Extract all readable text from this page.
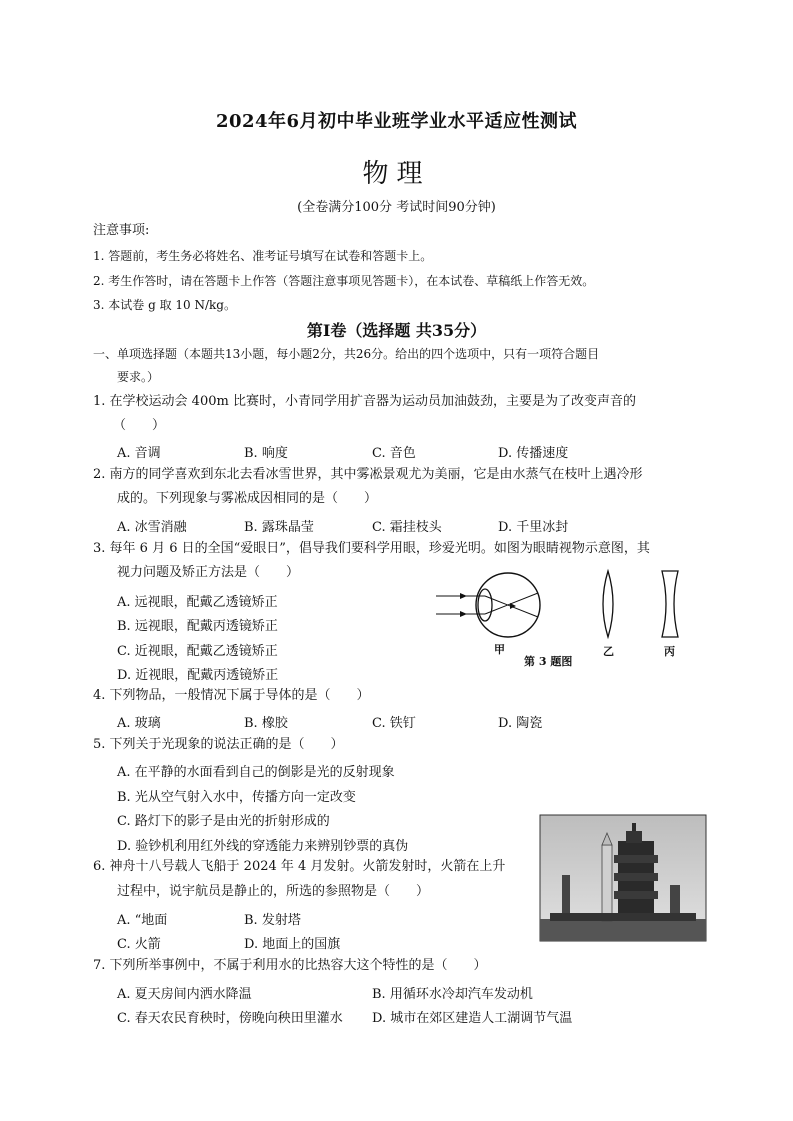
2024年6月初中毕业班学业水平适应性测试
物理
(全卷满分100分 考试时间90分钟)
注意事项:
1. 答题前，考生务必将姓名、准考证号填写在试卷和答题卡上。
2. 考生作答时，请在答题卡上作答（答题注意事项见答题卡），在本试卷、草稿纸上作答无效。
3. 本试卷 g 取 10 N/kg。
第Ⅰ卷（选择题 共35分）
一、单项选择题（本题共13小题，每小题2分，共26分。给出的四个选项中，只有一项符合题目
要求。）
1. 在学校运动会 400m 比赛时，小青同学用扩音器为运动员加油鼓劲，主要是为了改变声音的
（　　）
A. 音调	B. 响度	C. 音色	D. 传播速度
2. 南方的同学喜欢到东北去看冰雪世界，其中雾凇景观尤为美丽，它是由水蒸气在枝叶上遇冷形
成的。下列现象与雾凇成因相同的是（　　）
A. 冰雪消融	B. 露珠晶莹	C. 霜挂枝头	D. 千里冰封
3. 每年 6 月 6 日的全国“爱眼日”，倡导我们要科学用眼，珍爱光明。如图为眼睛视物示意图，其
视力问题及矫正方法是（　　）
A. 远视眼，配戴乙透镜矫正
B. 远视眼，配戴丙透镜矫正
C. 近视眼，配戴乙透镜矫正
D. 近视眼，配戴丙透镜矫正
甲
第 3 题图
乙	丙
4. 下列物品，一般情况下属于导体的是（　　）
A. 玻璃	B. 橡胶	C. 铁钉	D. 陶瓷
5. 下列关于光现象的说法正确的是（　　）
A. 在平静的水面看到自己的倒影是光的反射现象
B. 光从空气射入水中，传播方向一定改变
C. 路灯下的影子是由光的折射形成的
D. 验钞机利用红外线的穿透能力来辨别钞票的真伪
6. 神舟十八号载人飞船于 2024 年 4 月发射。火箭发射时，火箭在上升
过程中，说宇航员是静止的，所选的参照物是（　　）
A. “地面	B. 发射塔
C. 火箭	D. 地面上的国旗
7. 下列所举事例中，不属于利用水的比热容大这个特性的是（　　）
A. 夏天房间内洒水降温	B. 用循环水冷却汽车发动机
C. 春天农民育秧时，傍晚向秧田里灌水 D. 城市在郊区建造人工湖调节气温
